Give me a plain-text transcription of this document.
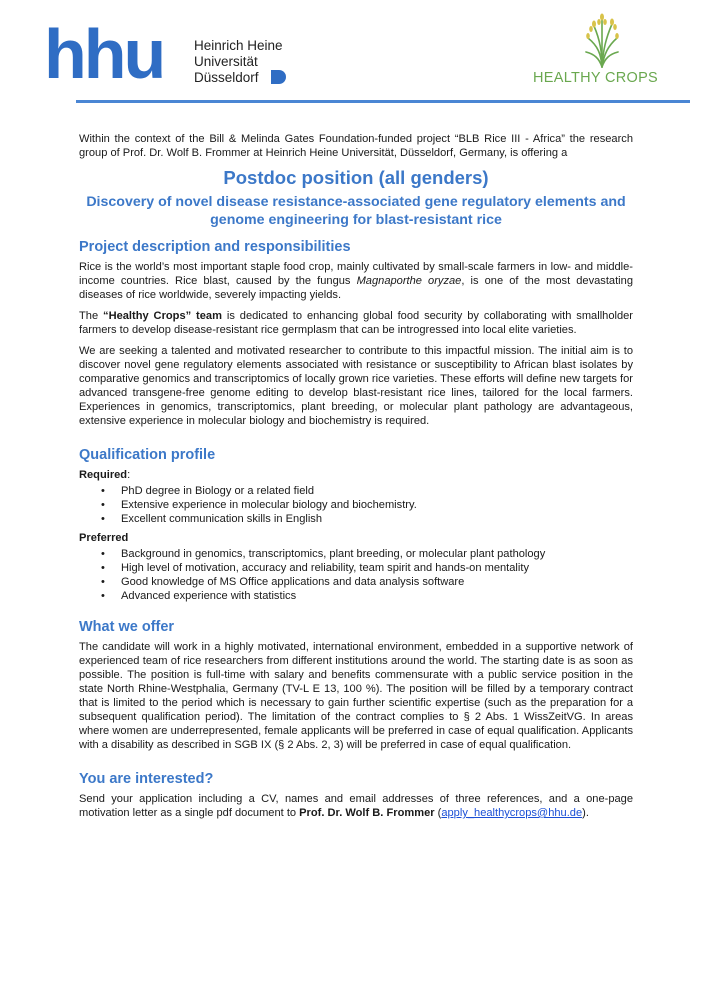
hhu Heinrich Heine
Universität
Düsseldorf	HEALTHY CROPS

Within the context of the Bill & Melinda Gates Foundation-funded project “BLB Rice III - Africa” the research group of Prof. Dr. Wolf B. Frommer at Heinrich Heine Universität, Düsseldorf, Germany, is offering a

Postdoc position (all genders)
Discovery of novel disease resistance-associated gene regulatory elements and genome engineering for blast-resistant rice
Project description and responsibilities

Rice is the world’s most important staple food crop, mainly cultivated by small-scale farmers in low- and middle-income countries. Rice blast, caused by the fungus Magnaporthe oryzae, is one of the most devastating diseases of rice worldwide, severely impacting yields.

The “Healthy Crops” team is dedicated to enhancing global food security by collaborating with smallholder farmers to develop disease-resistant rice germplasm that can be introgressed into local elite varieties.

We are seeking a talented and motivated researcher to contribute to this impactful mission. The initial aim is to discover novel gene regulatory elements associated with resistance or susceptibility to African blast isolates by comparative genomics and transcriptomics of locally grown rice varieties. These efforts will define new targets for advanced transgene-free genome editing to develop blast-resistant rice lines, tailored for the local farmers. Experiences in genomics, transcriptomics, plant breeding, or molecular plant pathology are advantageous, extensive experience in molecular biology and biochemistry is required.

Qualification profile
Required:
• PhD degree in Biology or a related field
• Extensive experience in molecular biology and biochemistry.
• Excellent communication skills in English
Preferred
• Background in genomics, transcriptomics, plant breeding, or molecular plant pathology
• High level of motivation, accuracy and reliability, team spirit and hands-on mentality
• Good knowledge of MS Office applications and data analysis software
• Advanced experience with statistics
What we offer

The candidate will work in a highly motivated, international environment, embedded in a supportive network of experienced team of rice researchers from different institutions around the world. The starting date is as soon as possible. The position is full-time with salary and benefits commensurate with a public service position in the state North Rhine-Westphalia, Germany (TV-L E 13, 100 %). The position will be filled by a temporary contract that is limited to the period which is necessary to gain further scientific expertise (such as the preparation for a subsequent qualification period). The limitation of the contract complies to § 2 Abs. 1 WissZeitVG. In areas where women are underrepresented, female applicants will be preferred in case of equal qualification. Applicants with a disability as described in SGB IX (§ 2 Abs. 2, 3) will be preferred in case of equal qualification.

You are interested?

Send your application including a CV, names and email addresses of three references, and a one-page motivation letter as a single pdf document to Prof. Dr. Wolf B. Frommer (apply_healthycrops@hhu.de).
